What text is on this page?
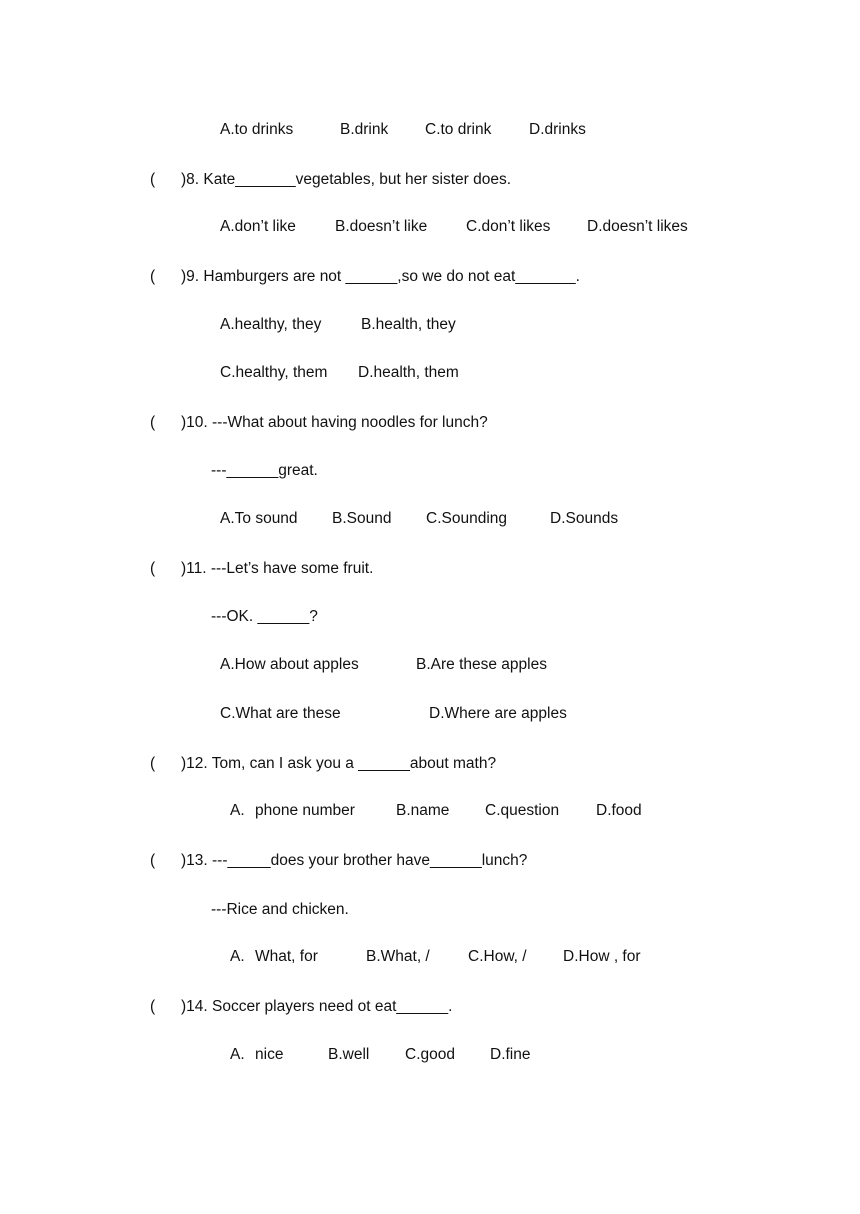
A.to drinks	B.drink C.to drink D.drinks
( )8. Kate_______vegetables, but her sister does.
A.don’t like	B.doesn’t like	C.don’t likes D.doesn’t likes
( )9. Hamburgers are not ______,so we do not eat_______.
A.healthy, they	B.health, they
C.healthy, them D.health, them
( )10. ---What about having noodles for lunch?
---______great.
A.To sound B.Sound C.Sounding	D.Sounds
( )11. ---Let’s have some fruit.
---OK. ______?
A.How about apples	B.Are these apples
C.What are these	D.Where are apples
( )12. Tom, can I ask you a ______about math?
A. phone number	B.name C.question D.food
( )13. ---_____does your brother have______lunch?
---Rice and chicken.
A. What, for	B.What, / C.How, / D.How , for
( )14. Soccer players need ot eat______.
A. nice	B.well C.good D.fine
